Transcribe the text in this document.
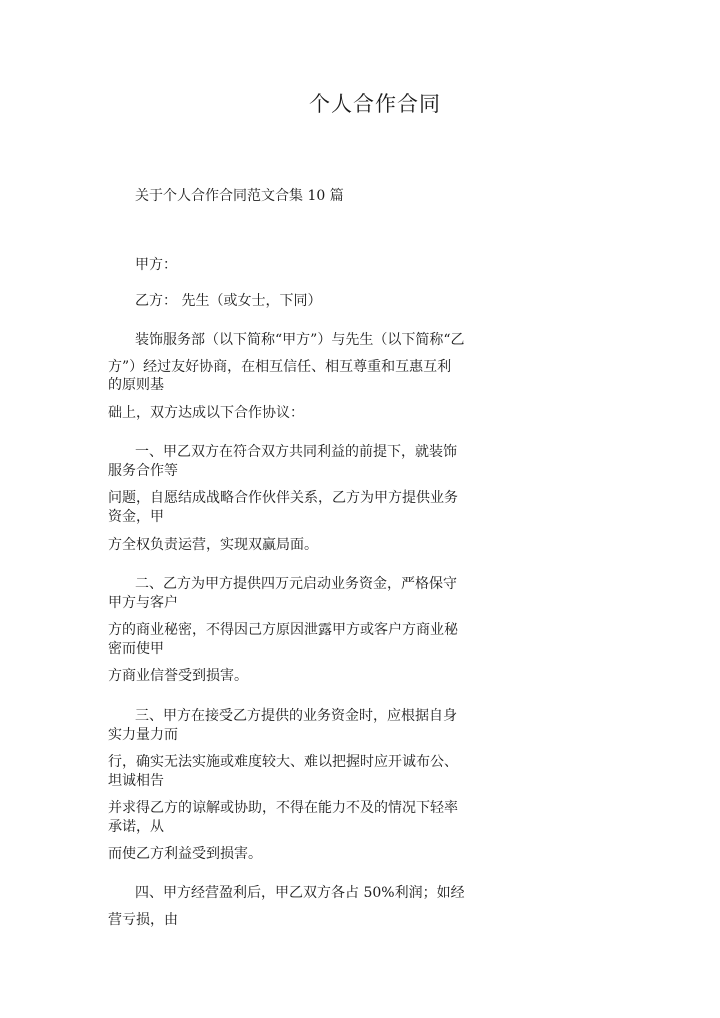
个人合作合同
关于个人合作合同范文合集 10 篇
甲方：
乙方： 先生（或女士，下同）
装饰服务部（以下简称“甲方”）与先生（以下简称“乙
方”）经过友好协商，在相互信任、相互尊重和互惠互利
的原则基
础上，双方达成以下合作协议：
一、甲乙双方在符合双方共同利益的前提下，就装饰
服务合作等
问题，自愿结成战略合作伙伴关系，乙方为甲方提供业务
资金，甲
方全权负责运营，实现双赢局面。
二、乙方为甲方提供四万元启动业务资金，严格保守
甲方与客户
方的商业秘密，不得因己方原因泄露甲方或客户方商业秘
密而使甲
方商业信誉受到损害。
三、甲方在接受乙方提供的业务资金时，应根据自身
实力量力而
行，确实无法实施或难度较大、难以把握时应开诚布公、
坦诚相告
并求得乙方的谅解或协助，不得在能力不及的情况下轻率
承诺，从
而使乙方利益受到损害。
四、甲方经营盈利后，甲乙双方各占 50%利润；如经
营亏损，由
